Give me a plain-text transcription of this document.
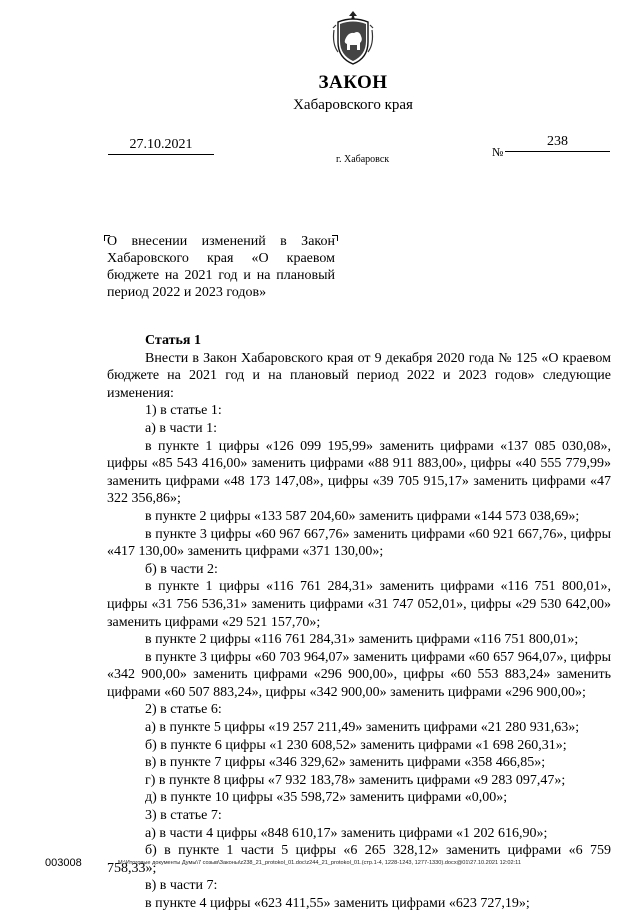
ЗАКОН
Хабаровского края
27.10.2021
г. Хабаровск
№
238
О внесении изменений в Закон Хабаровского края «О краевом бюджете на 2021 год и на плановый период 2022 и 2023 годов»

Статья 1

Внести в Закон Хабаровского края от 9 декабря 2020 года № 125 «О краевом бюджете на 2021 год и на плановый период 2022 и 2023 годов» следующие изменения:

1) в статье 1:

а) в части 1:

в пункте 1 цифры «126 099 195,99» заменить цифрами «137 085 030,08», цифры «85 543 416,00» заменить цифрами «88 911 883,00», цифры «40 555 779,99» заменить цифрами «48 173 147,08», цифры «39 705 915,17» заменить цифрами «47 322 356,86»;

в пункте 2 цифры «133 587 204,60» заменить цифрами «144 573 038,69»;

в пункте 3 цифры «60 967 667,76» заменить цифрами «60 921 667,76», цифры «417 130,00» заменить цифрами «371 130,00»;

б) в части 2:

в пункте 1 цифры «116 761 284,31» заменить цифрами «116 751 800,01», цифры «31 756 536,31» заменить цифрами «31 747 052,01», цифры «29 530 642,00» заменить цифрами «29 521 157,70»;

в пункте 2 цифры «116 761 284,31» заменить цифрами «116 751 800,01»;

в пункте 3 цифры «60 703 964,07» заменить цифрами «60 657 964,07», цифры «342 900,00» заменить цифрами «296 900,00», цифры «60 553 883,24» заменить цифрами «60 507 883,24», цифры «342 900,00» заменить цифрами «296 900,00»;

2) в статье 6:

а) в пункте 5 цифры «19 257 211,49» заменить цифрами «21 280 931,63»;

б) в пункте 6 цифры «1 230 608,52» заменить цифрами «1 698 260,31»;

в) в пункте 7 цифры «346 329,62» заменить цифрами «358 466,85»;

г) в пункте 8 цифры «7 932 183,78» заменить цифрами «9 283 097,47»;

д) в пункте 10 цифры «35 598,72» заменить цифрами «0,00»;

3) в статье 7:

а) в части 4 цифры «848 610,17» заменить цифрами «1 202 616,90»;

б) в пункте 1 части 5 цифры «6 265 328,12» заменить цифрами «6 759 758,33»;

в) в части 7:

в пункте 4 цифры «623 411,55» заменить цифрами «623 727,19»;

003008	M:\Итоговые документы Думы\7 созыв\Законы\z238_21_protokol_01.doc\z244_21_protokol_01.(стр.1-4, 1228-1243, 1277-1330).docx@01\27.10.2021 12:02:11
